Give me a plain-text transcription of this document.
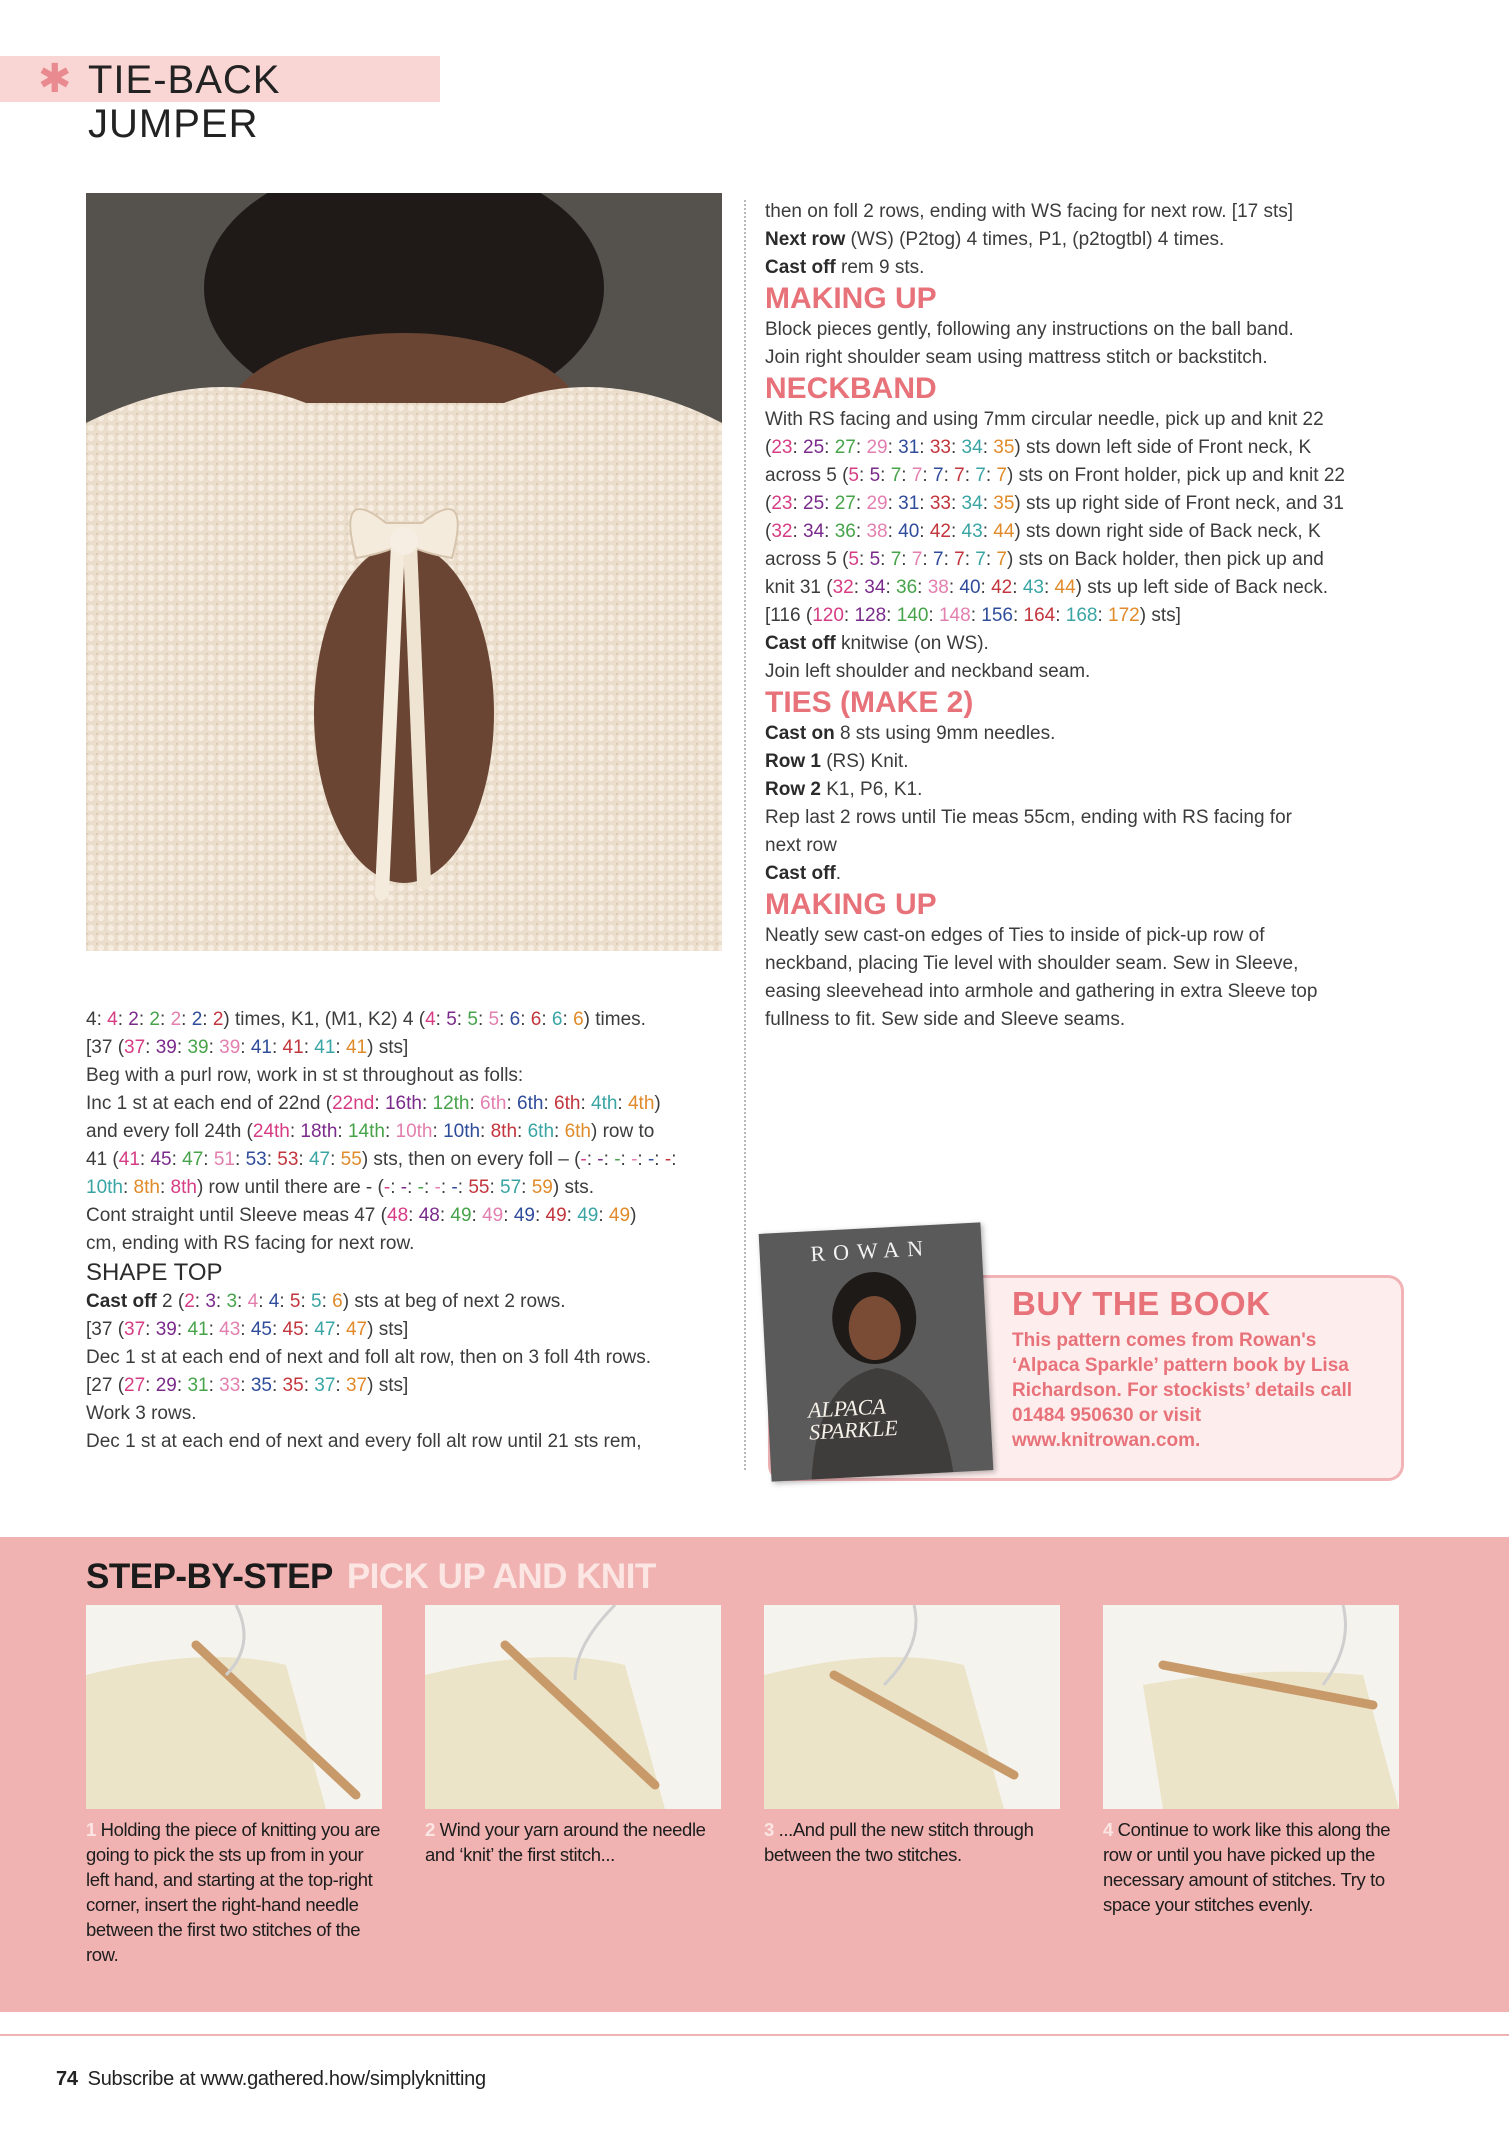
✱ TIE-BACK JUMPER

4: 4: 2: 2: 2: 2: 2) times, K1, (M1, K2) 4 (4: 5: 5: 5: 6: 6: 6: 6) times.

[37 (37: 39: 39: 39: 41: 41: 41: 41) sts]

Beg with a purl row, work in st st throughout as folls:

Inc 1 st at each end of 22nd (22nd: 16th: 12th: 6th: 6th: 6th: 4th: 4th)

and every foll 24th (24th: 18th: 14th: 10th: 10th: 8th: 6th: 6th) row to

41 (41: 45: 47: 51: 53: 53: 47: 55) sts, then on every foll – (-: -: -: -: -: -:

10th: 8th: 8th) row until there are - (-: -: -: -: -: 55: 57: 59) sts.

Cont straight until Sleeve meas 47 (48: 48: 49: 49: 49: 49: 49: 49)

cm, ending with RS facing for next row.

SHAPE TOP

Cast off 2 (2: 3: 3: 4: 4: 5: 5: 6) sts at beg of next 2 rows.

[37 (37: 39: 41: 43: 45: 45: 47: 47) sts]

Dec 1 st at each end of next and foll alt row, then on 3 foll 4th rows.

[27 (27: 29: 31: 33: 35: 35: 37: 37) sts]

Work 3 rows.

Dec 1 st at each end of next and every foll alt row until 21 sts rem,

then on foll 2 rows, ending with WS facing for next row. [17 sts]

Next row (WS) (P2tog) 4 times, P1, (p2togtbl) 4 times.

Cast off rem 9 sts.

MAKING UP

Block pieces gently, following any instructions on the ball band.

Join right shoulder seam using mattress stitch or backstitch.

NECKBAND

With RS facing and using 7mm circular needle, pick up and knit 22

(23: 25: 27: 29: 31: 33: 34: 35) sts down left side of Front neck, K

across 5 (5: 5: 7: 7: 7: 7: 7: 7) sts on Front holder, pick up and knit 22

(23: 25: 27: 29: 31: 33: 34: 35) sts up right side of Front neck, and 31

(32: 34: 36: 38: 40: 42: 43: 44) sts down right side of Back neck, K

across 5 (5: 5: 7: 7: 7: 7: 7: 7) sts on Back holder, then pick up and

knit 31 (32: 34: 36: 38: 40: 42: 43: 44) sts up left side of Back neck.

[116 (120: 128: 140: 148: 156: 164: 168: 172) sts]

Cast off knitwise (on WS).

Join left shoulder and neckband seam.

TIES (MAKE 2)

Cast on 8 sts using 9mm needles.

Row 1 (RS) Knit.

Row 2 K1, P6, K1.

Rep last 2 rows until Tie meas 55cm, ending with RS facing for

next row

Cast off.

MAKING UP

Neatly sew cast-on edges of Ties to inside of pick-up row of

neckband, placing Tie level with shoulder seam. Sew in Sleeve,

easing sleevehead into armhole and gathering in extra Sleeve top

fullness to fit. Sew side and Sleeve seams.

ROWAN
ALPACA
SPARKLE
BUY THE BOOK
This pattern comes from Rowan's ‘Alpaca Sparkle’ pattern book by Lisa Richardson. For stockists’ details call 01484 950630 or visit www.knitrowan.com.
STEP-BY-STEP PICK UP AND KNIT
1 Holding the piece of knitting you are going to pick the sts up from in your left hand, and starting at the top-right corner, insert the right-hand needle between the first two stitches of the row.
2 Wind your yarn around the needle and ‘knit’ the first stitch...
3 ...And pull the new stitch through between the two stitches.
4 Continue to work like this along the row or until you have picked up the necessary amount of stitches. Try to space your stitches evenly.
74 Subscribe at www.gathered.how/simplyknitting
